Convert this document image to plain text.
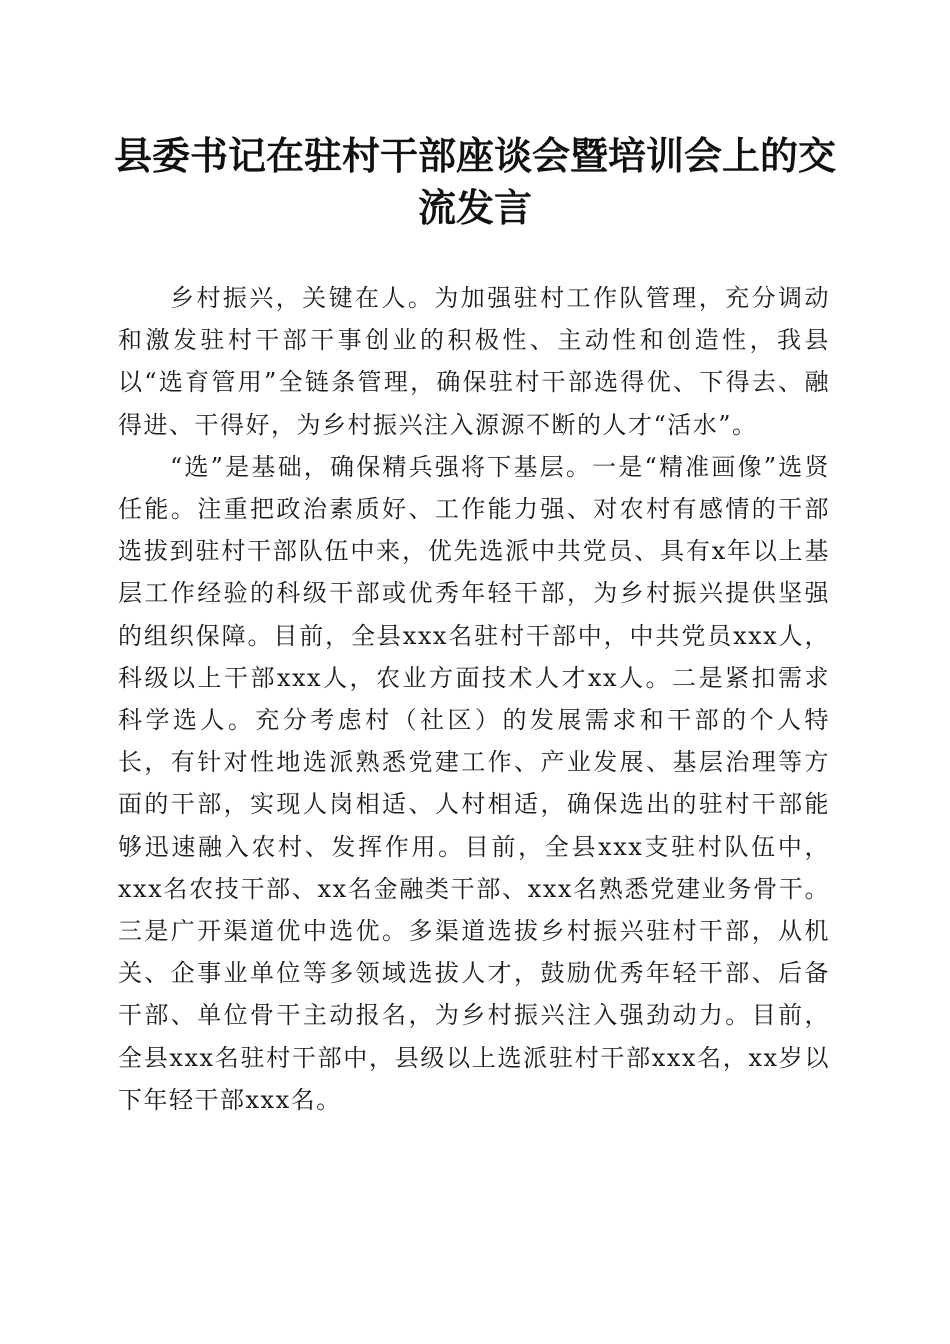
县委书记在驻村干部座谈会暨培训会上的交流发言

乡村振兴，关键在人。为加强驻村工作队管理，充分调动和激发驻村干部干事创业的积极性、主动性和创造性，我县以“选育管用”全链条管理，确保驻村干部选得优、下得去、融得进、干得好，为乡村振兴注入源源不断的人才“活水”。

“选”是基础，确保精兵强将下基层。一是“精准画像”选贤任能。注重把政治素质好、工作能力强、对农村有感情的干部选拔到驻村干部队伍中来，优先选派中共党员、具有x年以上基层工作经验的科级干部或优秀年轻干部，为乡村振兴提供坚强的组织保障。目前，全县xxx名驻村干部中，中共党员xxx人，科级以上干部xxx人，农业方面技术人才xx人。二是紧扣需求科学选人。充分考虑村（社区）的发展需求和干部的个人特长，有针对性地选派熟悉党建工作、产业发展、基层治理等方面的干部，实现人岗相适、人村相适，确保选出的驻村干部能够迅速融入农村、发挥作用。目前，全县xxx支驻村队伍中，xxx名农技干部、xx名金融类干部、xxx名熟悉党建业务骨干。三是广开渠道优中选优。多渠道选拔乡村振兴驻村干部，从机关、企事业单位等多领域选拔人才，鼓励优秀年轻干部、后备干部、单位骨干主动报名，为乡村振兴注入强劲动力。目前，全县xxx名驻村干部中，县级以上选派驻村干部xxx名，xx岁以下年轻干部xxx名。
